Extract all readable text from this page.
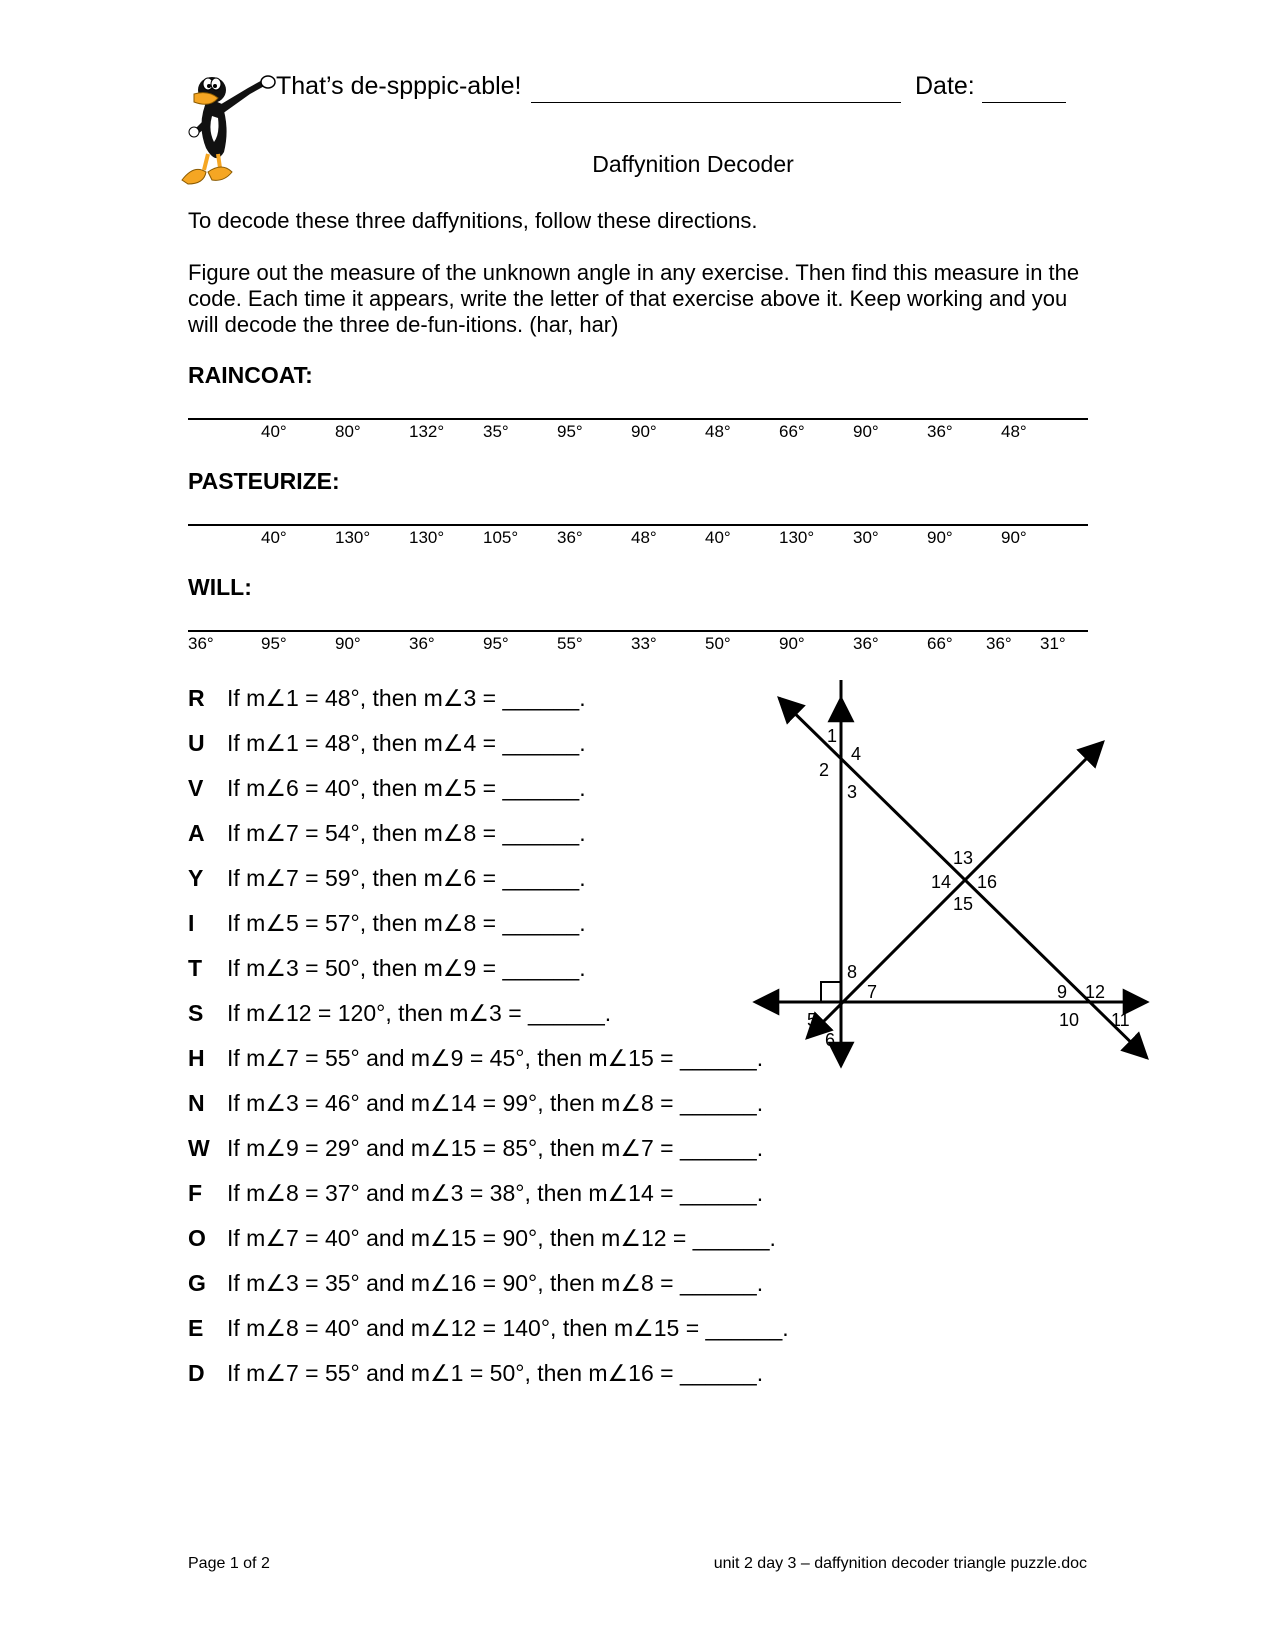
That’s de-spppic-able!	Date:
Daffynition Decoder
To decode these three daffynitions, follow these directions.
Figure out the measure of the unknown angle in any exercise. Then find this measure in the code. Each time it appears, write the letter of that exercise above it. Keep working and you will decode the three de-fun-itions. (har, har)
RAINCOAT:
40°	80°	132° 35°	95°	90°	48°	66°	90°	36°	48°
PASTEURIZE:
40°	130° 130° 105° 36°	48°	40°	130° 30°	90°	90°
WILL:
36°	95°	90°	36°	95°	55°	33°	50°	90°	36°	66° 36° 31°
R If m∠1 = 48°, then m∠3 = ______.
U If m∠1 = 48°, then m∠4 = ______.
V If m∠6 = 40°, then m∠5 = ______.
A If m∠7 = 54°, then m∠8 = ______.
Y If m∠7 = 59°, then m∠6 = ______.
I If m∠5 = 57°, then m∠8 = ______.
T If m∠3 = 50°, then m∠9 = ______.
S If m∠12 = 120°, then m∠3 = ______.
H If m∠7 = 55° and m∠9 = 45°, then m∠15 = ______.
N If m∠3 = 46° and m∠14 = 99°, then m∠8 = ______.
W If m∠9 = 29° and m∠15 = 85°, then m∠7 = ______.
F If m∠8 = 37° and m∠3 = 38°, then m∠14 = ______.
O If m∠7 = 40° and m∠15 = 90°, then m∠12 = ______.
G If m∠3 = 35° and m∠16 = 90°, then m∠8 = ______.
E If m∠8 = 40° and m∠12 = 140°, then m∠15 = ______.
D If m∠7 = 55° and m∠1 = 50°, then m∠16 = ______.
1
2
3
4
5
6
7
8
9
10 11
12
13
14
15
16
Page 1 of 2	unit 2 day 3 – daffynition decoder triangle puzzle.doc
